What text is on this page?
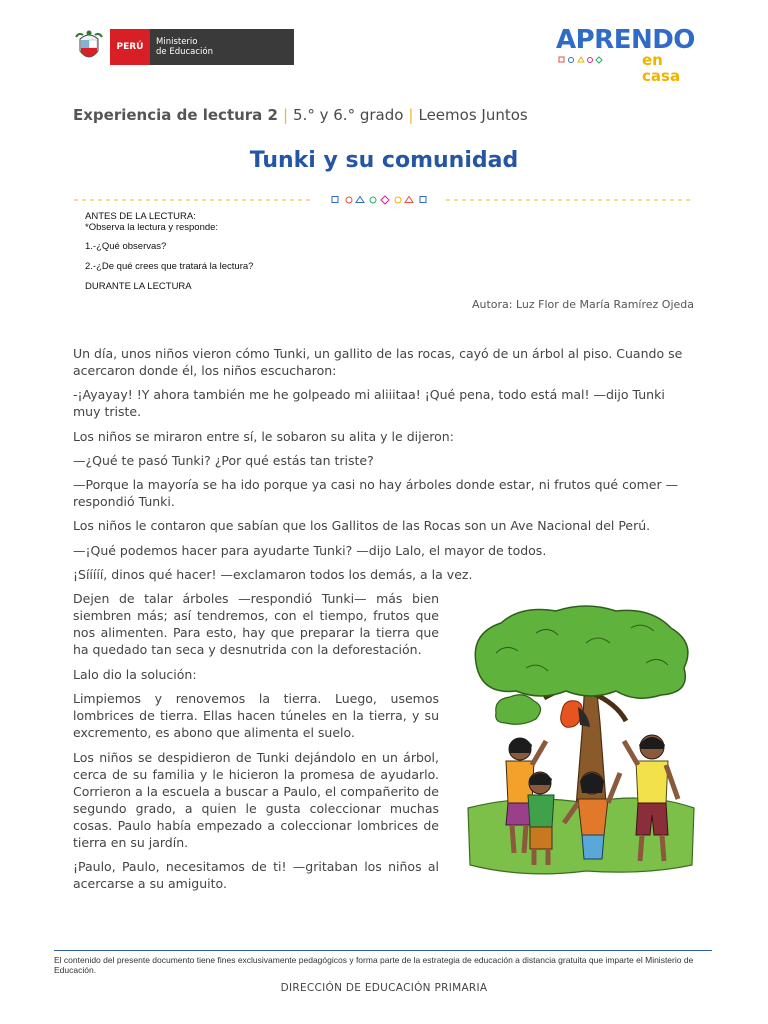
PERÚ	Ministerio
de Educación	APRENDO
en casa
Experiencia de lectura 2 | 5.° y 6.° grado | Leemos Juntos
Tunki y su comunidad
ANTES DE LA LECTURA:
*Observa la lectura y responde:
1.-¿Qué observas?
2.-¿De qué crees que tratará la lectura?
DURANTE LA LECTURA
Autora: Luz Flor de María Ramírez Ojeda

Un día, unos niños vieron cómo Tunki, un gallito de las rocas, cayó de un árbol al piso. Cuando se acercaron donde él, los niños escucharon:

-¡Ayayay! !Y ahora también me he golpeado mi aliiitaa! ¡Qué pena, todo está mal! —dijo Tunki muy triste.

Los niños se miraron entre sí, le sobaron su alita y le dijeron:

—¿Qué te pasó Tunki? ¿Por qué estás tan triste?

—Porque la mayoría se ha ido porque ya casi no hay árboles donde estar, ni frutos qué comer —respondió Tunki.

Los niños le contaron que sabían que los Gallitos de las Rocas son un Ave Nacional del Perú.

—¡Qué podemos hacer para ayudarte Tunki? —dijo Lalo, el mayor de todos.

¡Sííííí, dinos qué hacer! —exclamaron todos los demás, a la vez.

Dejen de talar árboles —respondió Tunki— más bien siembren más; así tendremos, con el tiempo, frutos que nos alimenten. Para esto, hay que preparar la tierra que ha quedado tan seca y desnutrida con la deforestación.

Lalo dio la solución:

Limpiemos y renovemos la tierra. Luego, usemos lombrices de tierra. Ellas hacen túneles en la tierra, y su excremento, es abono que alimenta el suelo.

Los niños se despidieron de Tunki dejándolo en un árbol, cerca de su familia y le hicieron la promesa de ayudarlo. Corrieron a la escuela a buscar a Paulo, el compañerito de segundo grado, a quien le gusta coleccionar muchas cosas. Paulo había empezado a coleccionar lombrices de tierra en su jardín.

¡Paulo, Paulo, necesitamos de ti! —gritaban los niños al acercarse a su amiguito.

El contenido del presente documento tiene fines exclusivamente pedagógicos y forma parte de la estrategia de educación a distancia gratuita que imparte el Ministerio de Educación.
DIRECCIÓN DE EDUCACIÓN PRIMARIA
